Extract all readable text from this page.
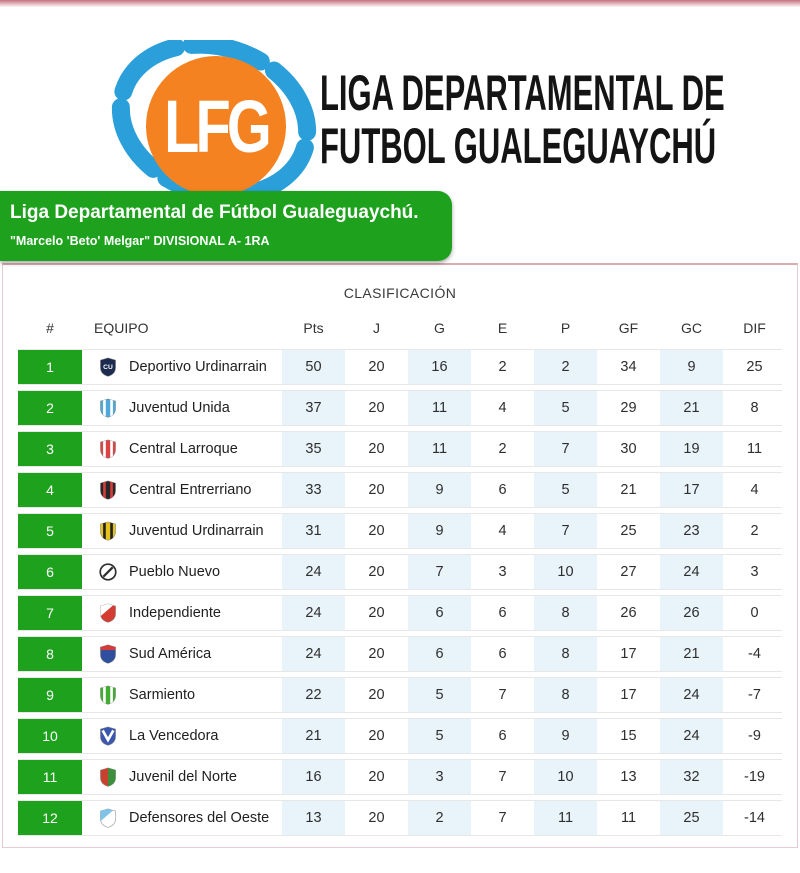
LFG LIGA DEPARTAMENTAL DE
FUTBOL GUALEGUAYCHÚ
Liga Departamental de Fútbol Gualeguaychú.
"Marcelo 'Beto' Melgar" DIVISIONAL A- 1RA
CLASIFICACIÓN
#	EQUIPO	Pts	J	G	E	P	GF	GC	DIF
1	CU Deportivo Urdinarrain	50	20	16	2	2	34	9	25
2	Juventud Unida	37	20	11	4	5	29	21	8
3	Central Larroque	35	20	11	2	7	30	19	11
4	Central Entrerriano	33	20	9	6	5	21	17	4
5	Juventud Urdinarrain	31	20	9	4	7	25	23	2
6	Pueblo Nuevo	24	20	7	3	10	27	24	3
7	Independiente	24	20	6	6	8	26	26	0
8	Sud América	24	20	6	6	8	17	21	-4
9	Sarmiento	22	20	5	7	8	17	24	-7
10	La Vencedora	21	20	5	6	9	15	24	-9
11	Juvenil del Norte	16	20	3	7	10	13	32	-19
12	Defensores del Oeste	13	20	2	7	11	11	25	-14
